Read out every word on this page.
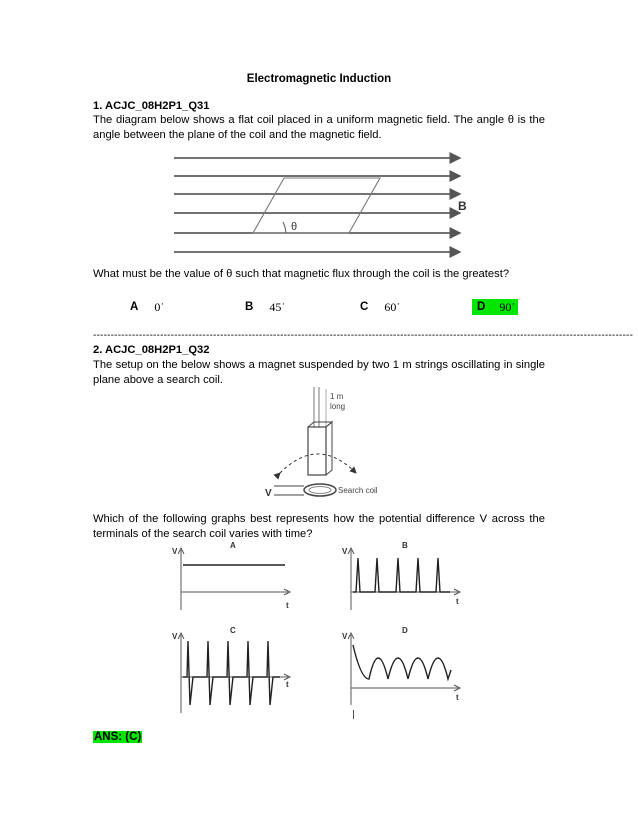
Electromagnetic Induction
1. ACJC_08H2P1_Q31
The diagram below shows a flat coil placed in a uniform magnetic field. The angle θ is the angle between the plane of the coil and the magnetic field.
θ
B
What must be the value of θ such that magnetic flux through the coil is the greatest?
A 0˙	B 45˙	C 60˙	D 90˙
---------------------------------------------------------------------------------------------------------------------------------------------------------
2. ACJC_08H2P1_Q32
The setup on the below shows a magnet suspended by two 1 m strings oscillating in single plane above a search coil.
1 m
long
V	Search coil
Which of the following graphs best represents how the potential difference V across the terminals of the search coil varies with time?
A
V
t
B
V
t
C
V
t
D
V
t
ANS: (C)
